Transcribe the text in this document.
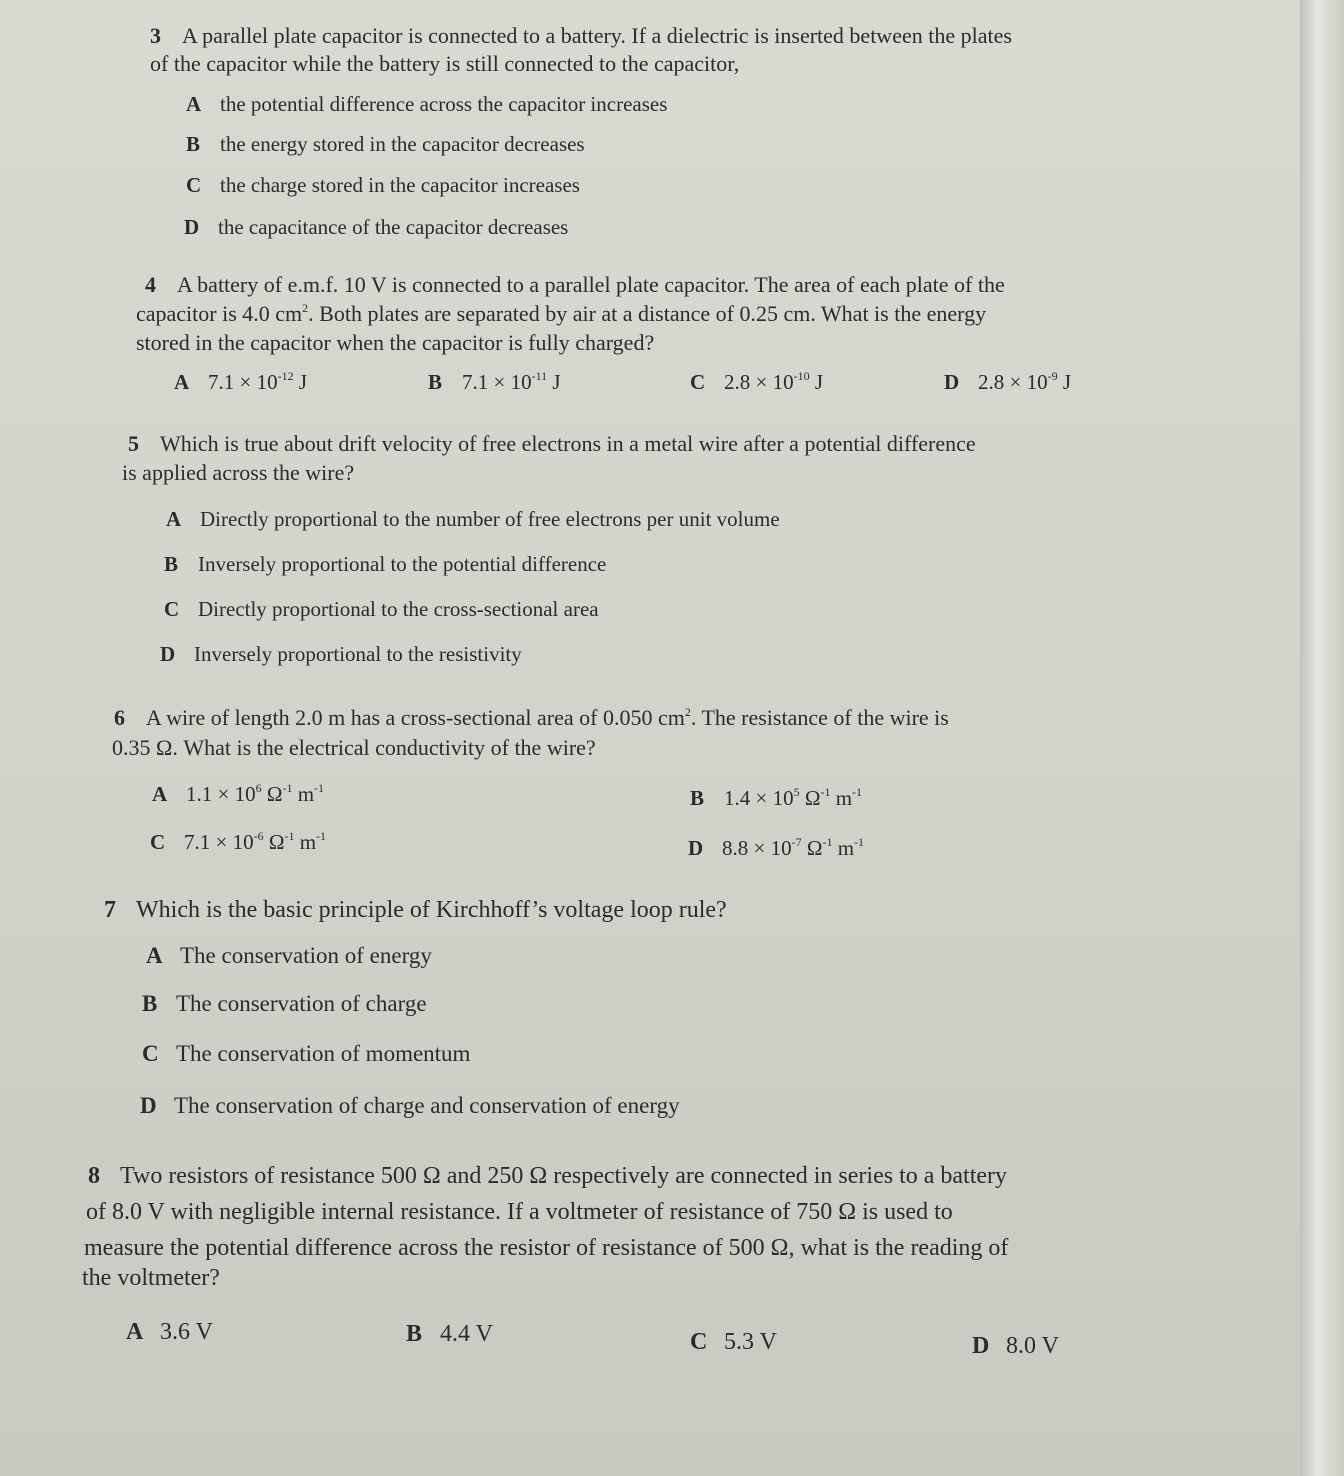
3 A parallel plate capacitor is connected to a battery. If a dielectric is inserted between the plates
of the capacitor while the battery is still connected to the capacitor,
A the potential difference across the capacitor increases
B the energy stored in the capacitor decreases
C the charge stored in the capacitor increases
D the capacitance of the capacitor decreases
4 A battery of e.m.f. 10 V is connected to a parallel plate capacitor. The area of each plate of the
capacitor is 4.0 $cm^2$. Both plates are separated by air at a distance of 0.25 cm. What is the energy
stored in the capacitor when the capacitor is fully charged?
A $7.1 \times 10^{-12}$ J	B $7.1 \times 10^{-11}$ J	C $2.8 \times 10^{-10}$ J	D $2.8 \times 10^{-9}$ J
5 Which is true about drift velocity of free electrons in a metal wire after a potential difference
is applied across the wire?
A Directly proportional to the number of free electrons per unit volume
B Inversely proportional to the potential difference
C Directly proportional to the cross-sectional area
D Inversely proportional to the resistivity
6 A wire of length 2.0 m has a cross-sectional area of 0.050 $cm^2$. The resistance of the wire is
0.35 Ω. What is the electrical conductivity of the wire?
A $1.1 \times 10^6$ $\Omega^{-1}$ $m^{-1}$	B $1.4 \times 10^5$ $\Omega^{-1}$ $m^{-1}$
C $7.1 \times 10^{-6}$ $\Omega^{-1}$ $m^{-1}$	D $8.8 \times 10^{-7}$ $\Omega^{-1}$ $m^{-1}$
7 Which is the basic principle of Kirchhoff’s voltage loop rule?
A The conservation of energy
B The conservation of charge
C The conservation of momentum
D The conservation of charge and conservation of energy
8 Two resistors of resistance 500 Ω and 250 Ω respectively are connected in series to a battery
of 8.0 V with negligible internal resistance. If a voltmeter of resistance of 750 Ω is used to
measure the potential difference across the resistor of resistance of 500 Ω, what is the reading of
the voltmeter?
A 3.6 V	B 4.4 V	C 5.3 V	D 8.0 V
